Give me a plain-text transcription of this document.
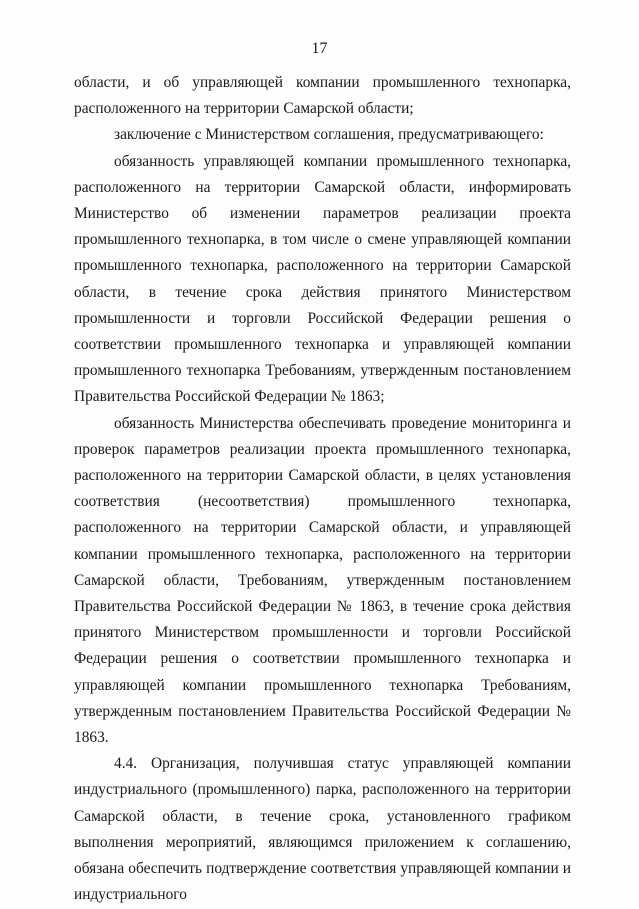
17

области, и об управляющей компании промышленного технопарка, расположенного на территории Самарской области;

заключение с Министерством соглашения, предусматривающего:

обязанность управляющей компании промышленного технопарка, расположенного на территории Самарской области, информировать Министерство об изменении параметров реализации проекта промышленного технопарка, в том числе о смене управляющей компании промышленного технопарка, расположенного на территории Самарской области, в течение срока действия принятого Министерством промышленности и торговли Российской Федерации решения о соответствии промышленного технопарка и управляющей компании промышленного технопарка Требованиям, утвержденным постановлением Правительства Российской Федерации № 1863;

обязанность Министерства обеспечивать проведение мониторинга и проверок параметров реализации проекта промышленного технопарка, расположенного на территории Самарской области, в целях установления соответствия (несоответствия) промышленного технопарка, расположенного на территории Самарской области, и управляющей компании промышленного технопарка, расположенного на территории Самарской области, Требованиям, утвержденным постановлением Правительства Российской Федерации № 1863, в течение срока действия принятого Министерством промышленности и торговли Российской Федерации решения о соответствии промышленного технопарка и управляющей компании промышленного технопарка Требованиям, утвержденным постановлением Правительства Российской Федерации № 1863.

4.4. Организация, получившая статус управляющей компании индустриального (промышленного) парка, расположенного на территории Самарской области, в течение срока, установленного графиком выполнения мероприятий, являющимся приложением к соглашению, обязана обеспечить подтверждение соответствия управляющей компании и индустриального
